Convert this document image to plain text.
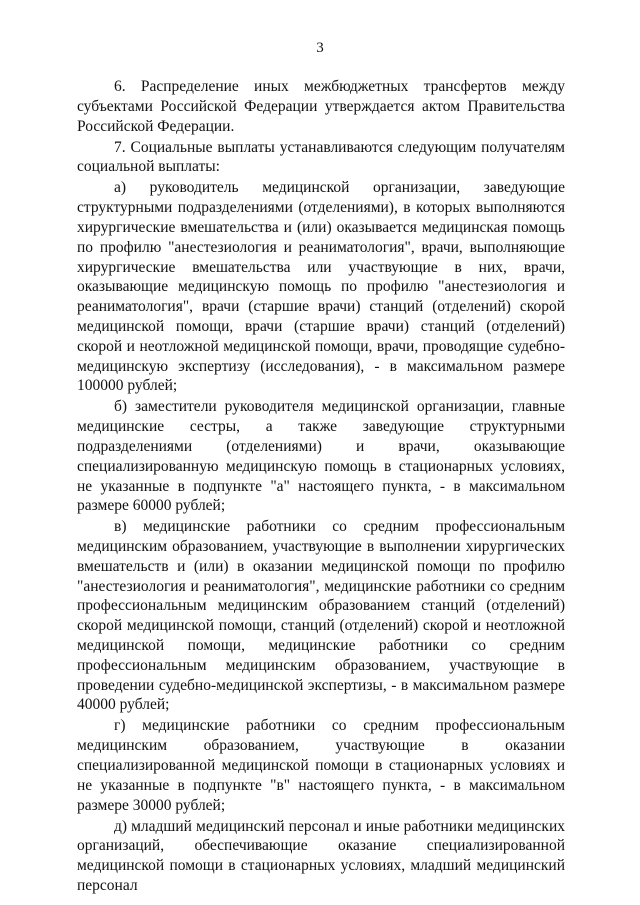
3

6. Распределение иных межбюджетных трансфертов между субъектами Российской Федерации утверждается актом Правительства Российской Федерации.

7. Социальные выплаты устанавливаются следующим получателям социальной выплаты:

а) руководитель медицинской организации, заведующие структурными подразделениями (отделениями), в которых выполняются хирургические вмешательства и (или) оказывается медицинская помощь по профилю "анестезиология и реаниматология", врачи, выполняющие хирургические вмешательства или участвующие в них, врачи, оказывающие медицинскую помощь по профилю "анестезиология и реаниматология", врачи (старшие врачи) станций (отделений) скорой медицинской помощи, врачи (старшие врачи) станций (отделений) скорой и неотложной медицинской помощи, врачи, проводящие судебно-медицинскую экспертизу (исследования), - в максимальном размере 100000 рублей;

б) заместители руководителя медицинской организации, главные медицинские сестры, а также заведующие структурными подразделениями (отделениями) и врачи, оказывающие специализированную медицинскую помощь в стационарных условиях, не указанные в подпункте "а" настоящего пункта, - в максимальном размере 60000 рублей;

в) медицинские работники со средним профессиональным медицинским образованием, участвующие в выполнении хирургических вмешательств и (или) в оказании медицинской помощи по профилю "анестезиология и реаниматология", медицинские работники со средним профессиональным медицинским образованием станций (отделений) скорой медицинской помощи, станций (отделений) скорой и неотложной медицинской помощи, медицинские работники со средним профессиональным медицинским образованием, участвующие в проведении судебно-медицинской экспертизы, - в максимальном размере 40000 рублей;

г) медицинские работники со средним профессиональным медицинским образованием, участвующие в оказании специализированной медицинской помощи в стационарных условиях и не указанные в подпункте "в" настоящего пункта, - в максимальном размере 30000 рублей;

д) младший медицинский персонал и иные работники медицинских организаций, обеспечивающие оказание специализированной медицинской помощи в стационарных условиях, младший медицинский персонал
